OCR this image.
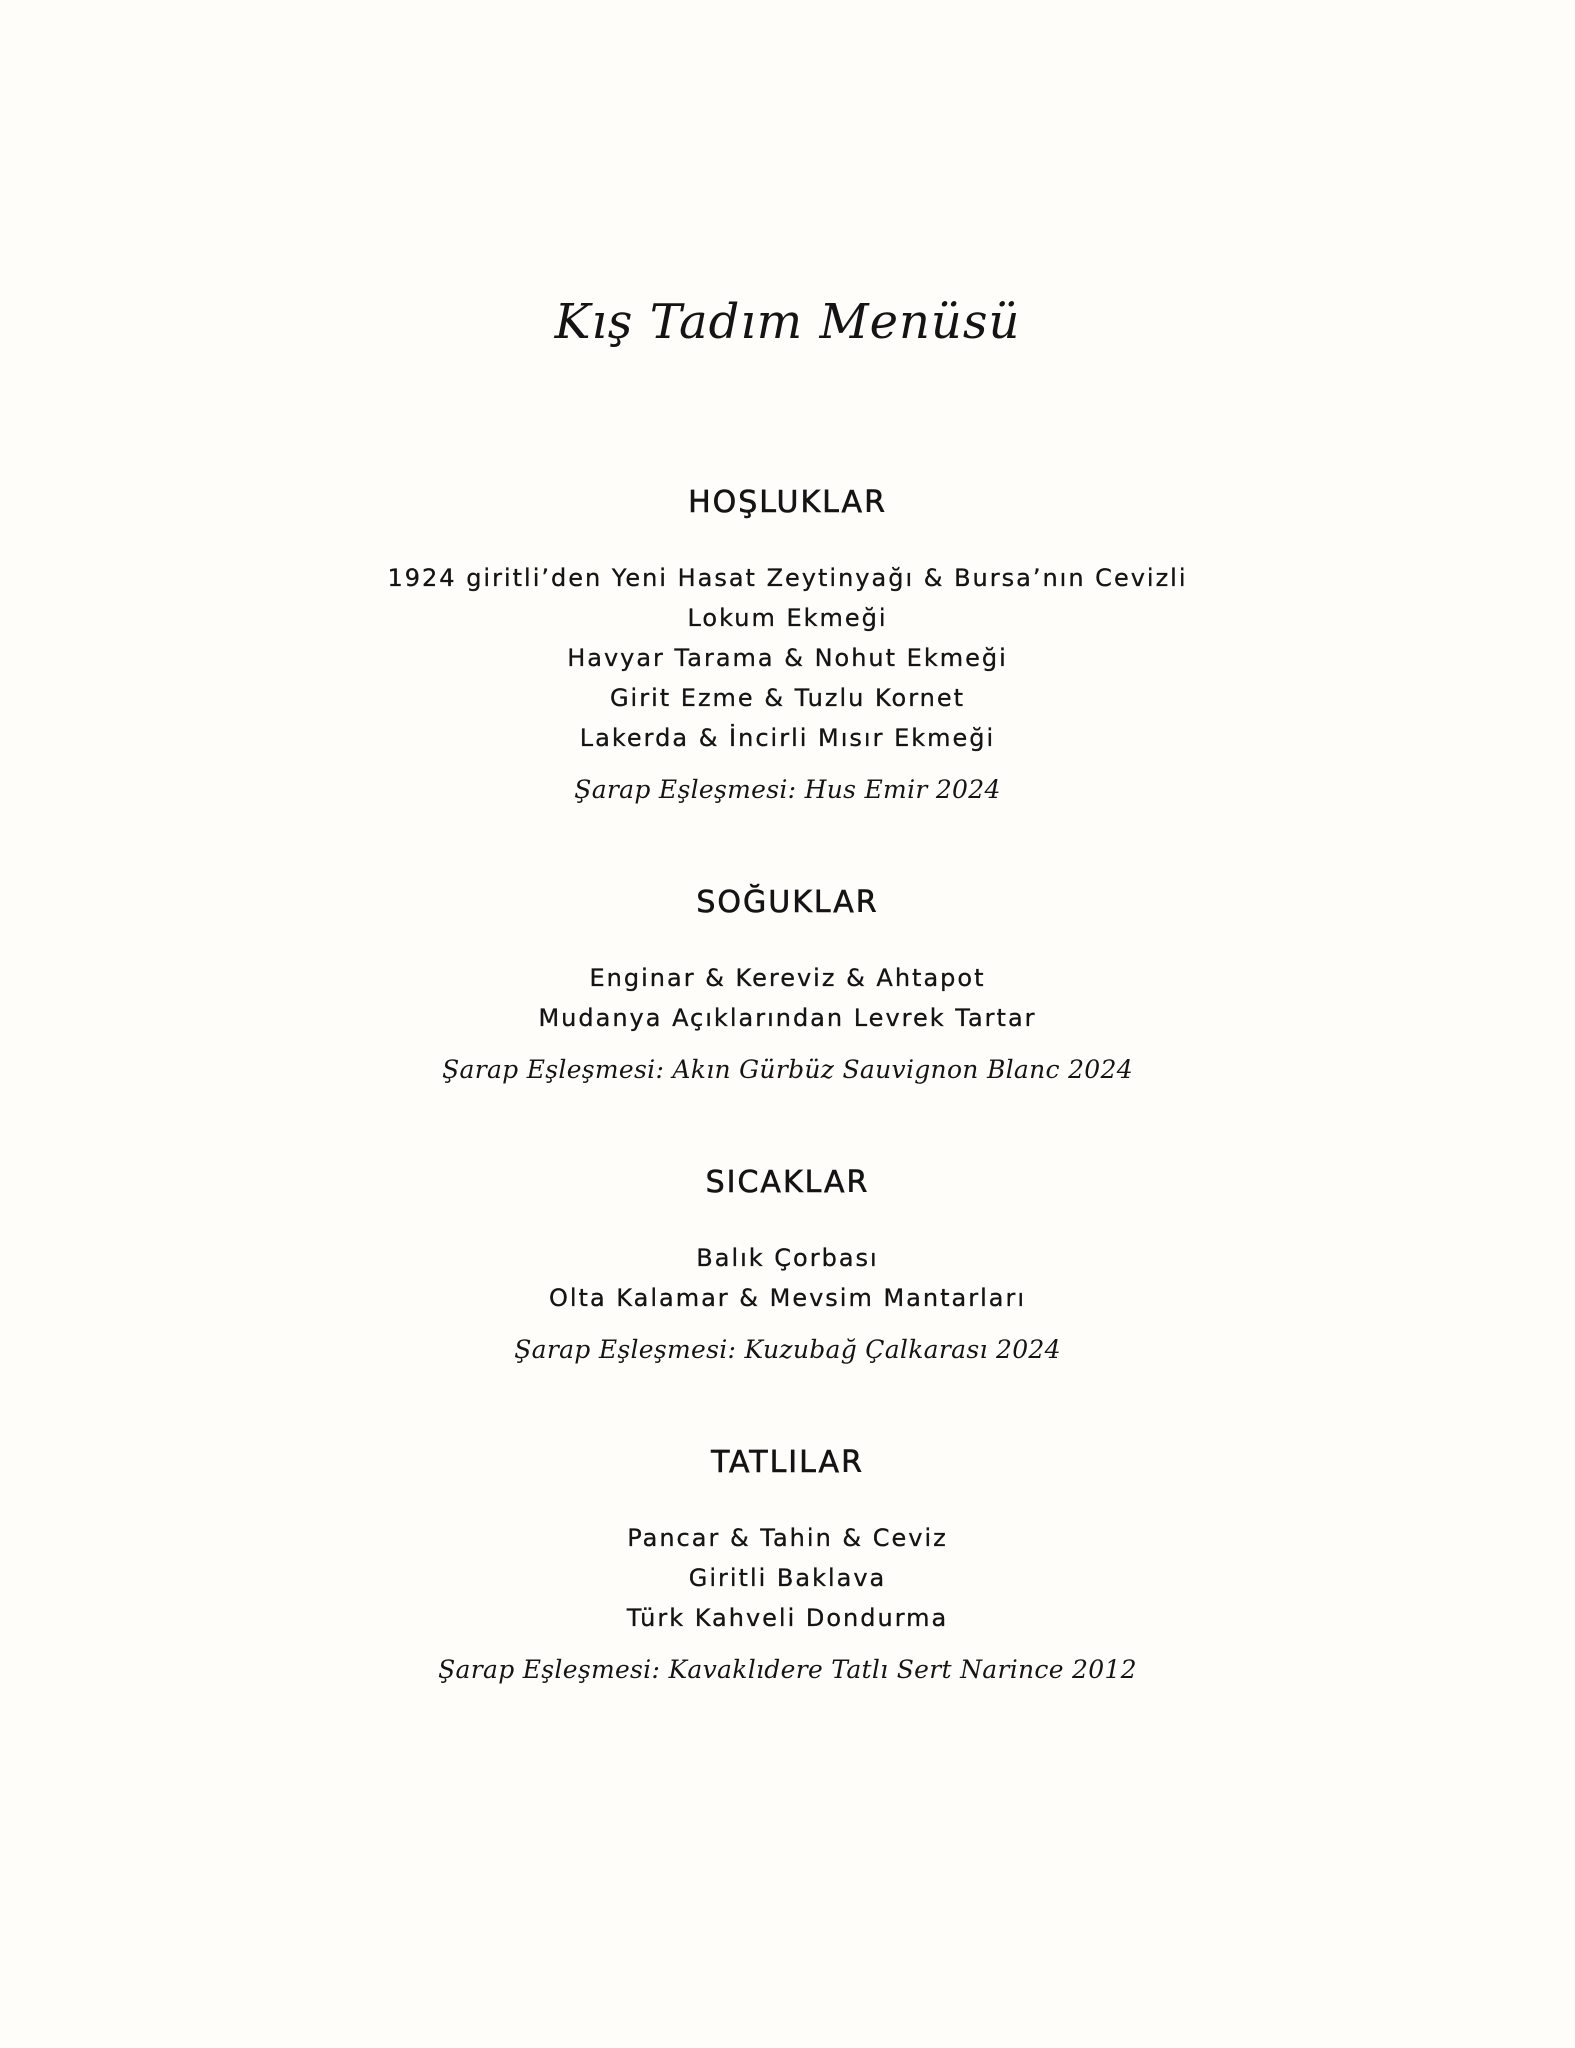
Kış Tadım Menüsü
HOŞLUKLAR
1924 giritli’den Yeni Hasat Zeytinyağı & Bursa’nın Cevizli Lokum Ekmeği
Havyar Tarama & Nohut Ekmeği
Girit Ezme & Tuzlu Kornet
Lakerda & İncirli Mısır Ekmeği

Şarap Eşleşmesi: Hus Emir 2024

SOĞUKLAR
Enginar & Kereviz & Ahtapot
Mudanya Açıklarından Levrek Tartar

Şarap Eşleşmesi: Akın Gürbüz Sauvignon Blanc 2024

SICAKLAR
Balık Çorbası
Olta Kalamar & Mevsim Mantarları

Şarap Eşleşmesi: Kuzubağ Çalkarası 2024

TATLILAR
Pancar & Tahin & Ceviz
Giritli Baklava
Türk Kahveli Dondurma

Şarap Eşleşmesi: Kavaklıdere Tatlı Sert Narince 2012
